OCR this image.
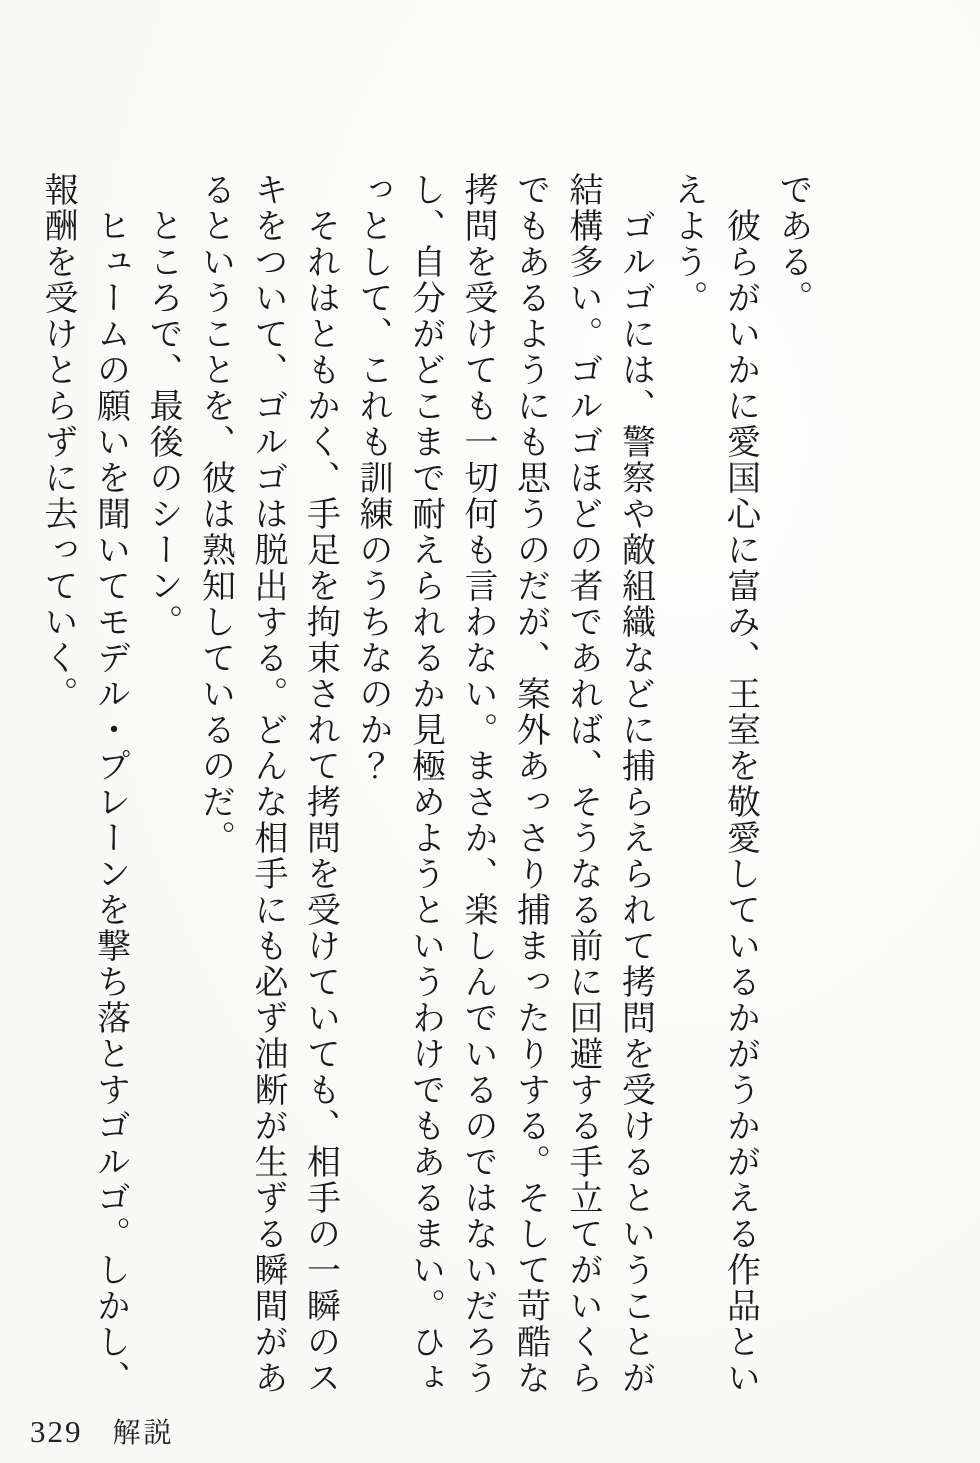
である。
　彼らがいかに愛国心に富み、王室を敬愛しているかがうかがえる作品とい
えよう。
　ゴルゴには、警察や敵組織などに捕らえられて拷問を受けるということが
結構多い。ゴルゴほどの者であれば、そうなる前に回避する手立てがいくら
でもあるようにも思うのだが、案外あっさり捕まったりする。そして苛酷な
拷問を受けても一切何も言わない。まさか、楽しんでいるのではないだろう
し、自分がどこまで耐えられるか見極めようというわけでもあるまい。ひょ
っとして、これも訓練のうちなのか？
　それはともかく、手足を拘束されて拷問を受けていても、相手の一瞬のス
キをついて、ゴルゴは脱出する。どんな相手にも必ず油断が生ずる瞬間があ
るということを、彼は熟知しているのだ。
　ところで、最後のシーン。
　ヒュームの願いを聞いてモデル・プレーンを撃ち落とすゴルゴ。しかし、
報酬を受けとらずに去っていく。
329 解説
